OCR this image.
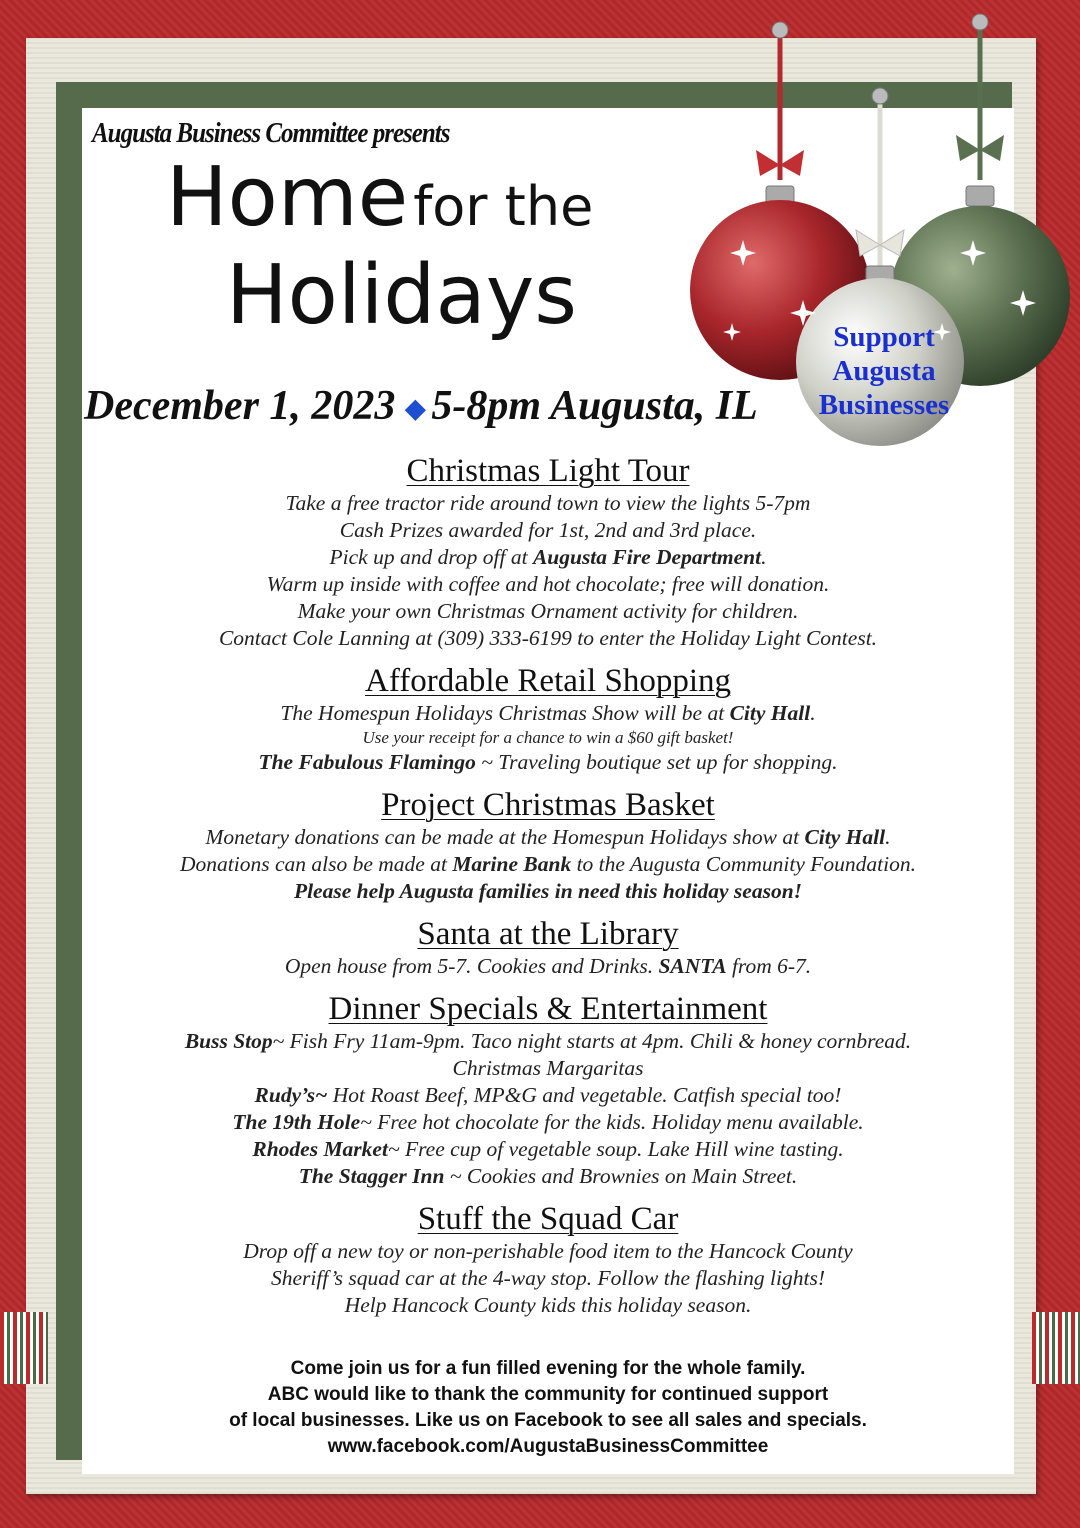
Augusta Business Committee presents
Home for the
Holidays
December 1, 2023 ◆ 5-8pm Augusta, IL
Support
Augusta
Businesses

Christmas Light Tour

Take a free tractor ride around town to view the lights 5-7pm

Cash Prizes awarded for 1st, 2nd and 3rd place.

Pick up and drop off at Augusta Fire Department.

Warm up inside with coffee and hot chocolate; free will donation.

Make your own Christmas Ornament activity for children.

Contact Cole Lanning at (309) 333-6199 to enter the Holiday Light Contest.

Affordable Retail Shopping

The Homespun Holidays Christmas Show will be at City Hall.

Use your receipt for a chance to win a $60 gift basket!

The Fabulous Flamingo ~ Traveling boutique set up for shopping.

Project Christmas Basket

Monetary donations can be made at the Homespun Holidays show at City Hall.

Donations can also be made at Marine Bank to the Augusta Community Foundation.

Please help Augusta families in need this holiday season!

Santa at the Library

Open house from 5-7. Cookies and Drinks. SANTA from 6-7.

Dinner Specials & Entertainment

Buss Stop~ Fish Fry 11am-9pm. Taco night starts at 4pm. Chili & honey cornbread.

Christmas Margaritas

Rudy’s~ Hot Roast Beef, MP&G and vegetable. Catfish special too!

The 19th Hole~ Free hot chocolate for the kids. Holiday menu available.

Rhodes Market~ Free cup of vegetable soup. Lake Hill wine tasting.

The Stagger Inn ~ Cookies and Brownies on Main Street.

Stuff the Squad Car

Drop off a new toy or non-perishable food item to the Hancock County

Sheriff’s squad car at the 4-way stop. Follow the flashing lights!

Help Hancock County kids this holiday season.

Come join us for a fun filled evening for the whole family.
ABC would like to thank the community for continued support
of local businesses. Like us on Facebook to see all sales and specials.
www.facebook.com/AugustaBusinessCommittee
